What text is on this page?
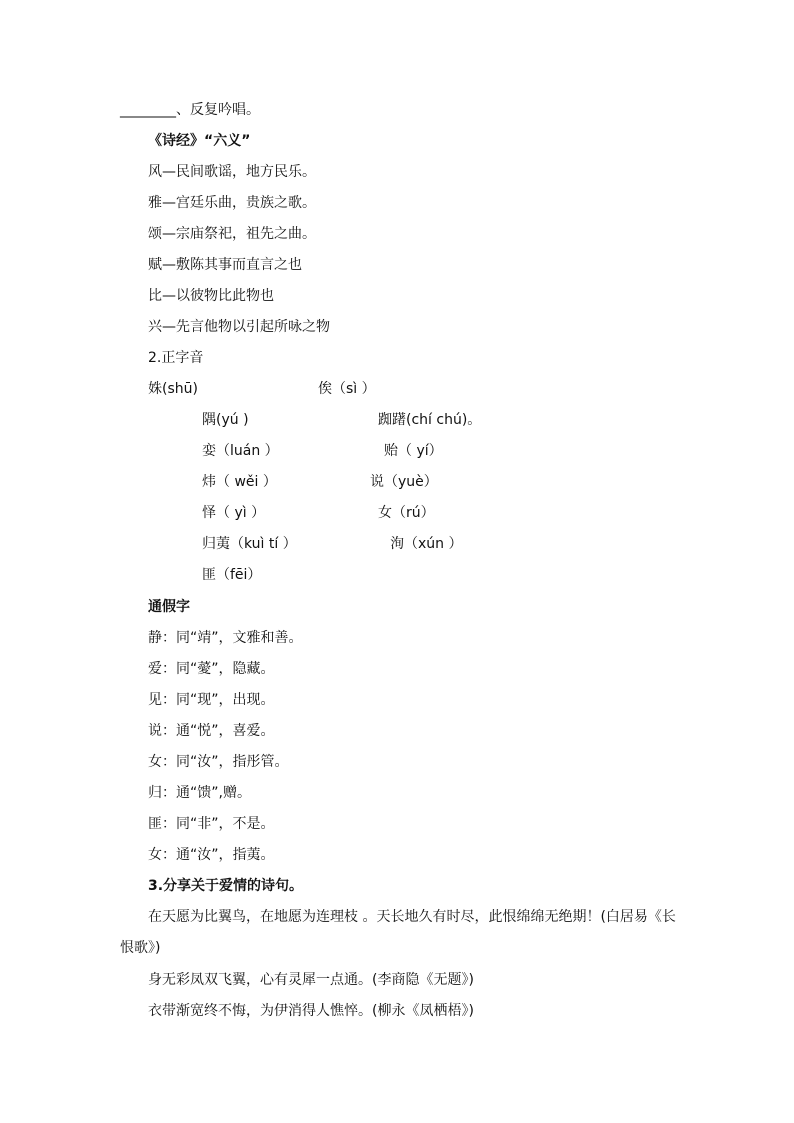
________、反复吟唱。
《诗经》“六义”
风—民间歌谣，地方民乐。
雅—宫廷乐曲，贵族之歌。
颂—宗庙祭祀，祖先之曲。
赋—敷陈其事而直言之也
比—以彼物比此物也
兴—先言他物以引起所咏之物
2.正字音
姝(shū)	俟（sì ）
隅(yú )	踟躇(chí chú)。
娈（luán ）	贻（ yí）
炜（ wěi ）	说（yuè）
怿（ yì ）	女（rú）
归荑（kuì tí ）	洵（xún ）
匪（fēi）
通假字
静：同“靖”，文雅和善。
爱：同“薆”，隐藏。
见：同“现”，出现。
说：通“悦”，喜爱。
女：同“汝”，指彤管。
归：通“馈”,赠。
匪：同“非”，不是。
女：通“汝”，指荑。
3.分享关于爱情的诗句。
在天愿为比翼鸟，在地愿为连理枝 。天长地久有时尽，此恨绵绵无绝期！(白居易《长恨歌》)
身无彩凤双飞翼，心有灵犀一点通。(李商隐《无题》)
衣带渐宽终不悔，为伊消得人憔悴。(柳永《凤栖梧》)
